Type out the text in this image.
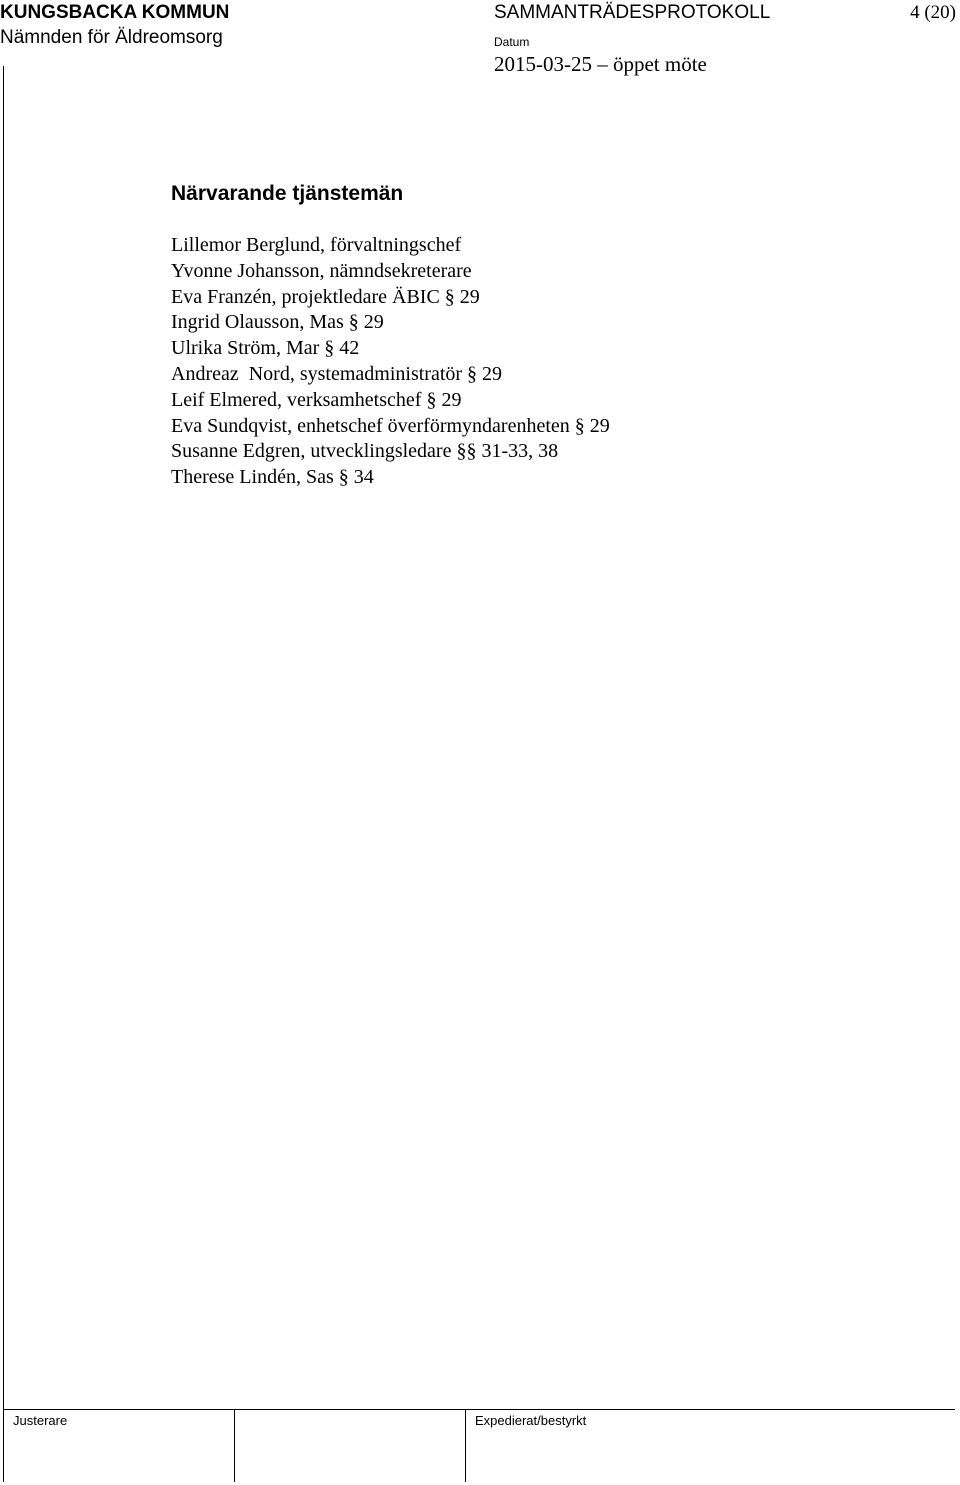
KUNGSBACKA KOMMUN
Nämnden för Äldreomsorg
SAMMANTRÄDESPROTOKOLL	4 (20)
Datum
2015-03-25 – öppet möte
Närvarande tjänstemän
Lillemor Berglund, förvaltningschef
Yvonne Johansson, nämndsekreterare
Eva Franzén, projektledare ÄBIC § 29
Ingrid Olausson, Mas § 29
Ulrika Ström, Mar § 42
Andreaz  Nord, systemadministratör § 29
Leif Elmered, verksamhetschef § 29
Eva Sundqvist, enhetschef överförmyndarenheten § 29
Susanne Edgren, utvecklingsledare §§ 31-33, 38
Therese Lindén, Sas § 34
Justerare	Expedierat/bestyrkt
